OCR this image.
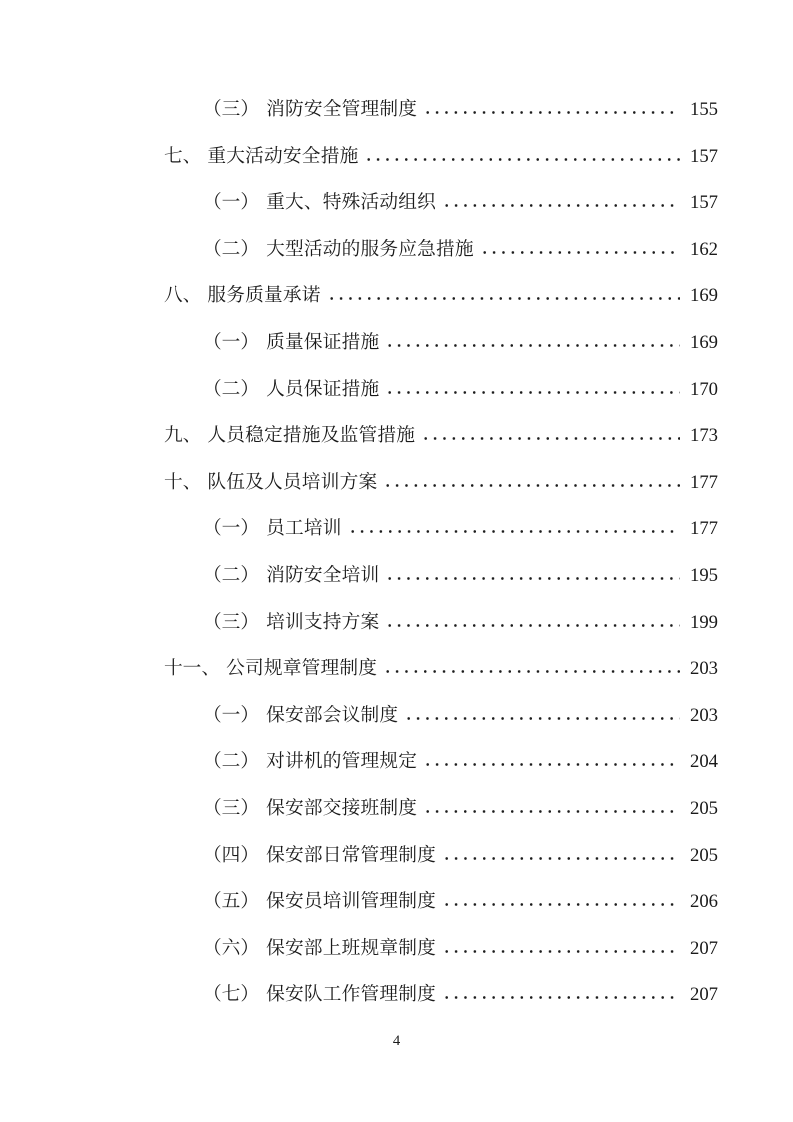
（三） 消防安全管理制度	155
七、 重大活动安全措施	157
（一） 重大、特殊活动组织	157
（二） 大型活动的服务应急措施	162
八、 服务质量承诺	169
（一） 质量保证措施	169
（二） 人员保证措施	170
九、 人员稳定措施及监管措施	173
十、 队伍及人员培训方案	177
（一） 员工培训	177
（二） 消防安全培训	195
（三） 培训支持方案	199
十一、 公司规章管理制度	203
（一） 保安部会议制度	203
（二） 对讲机的管理规定	204
（三） 保安部交接班制度	205
（四） 保安部日常管理制度	205
（五） 保安员培训管理制度	206
（六） 保安部上班规章制度	207
（七） 保安队工作管理制度	207
4
